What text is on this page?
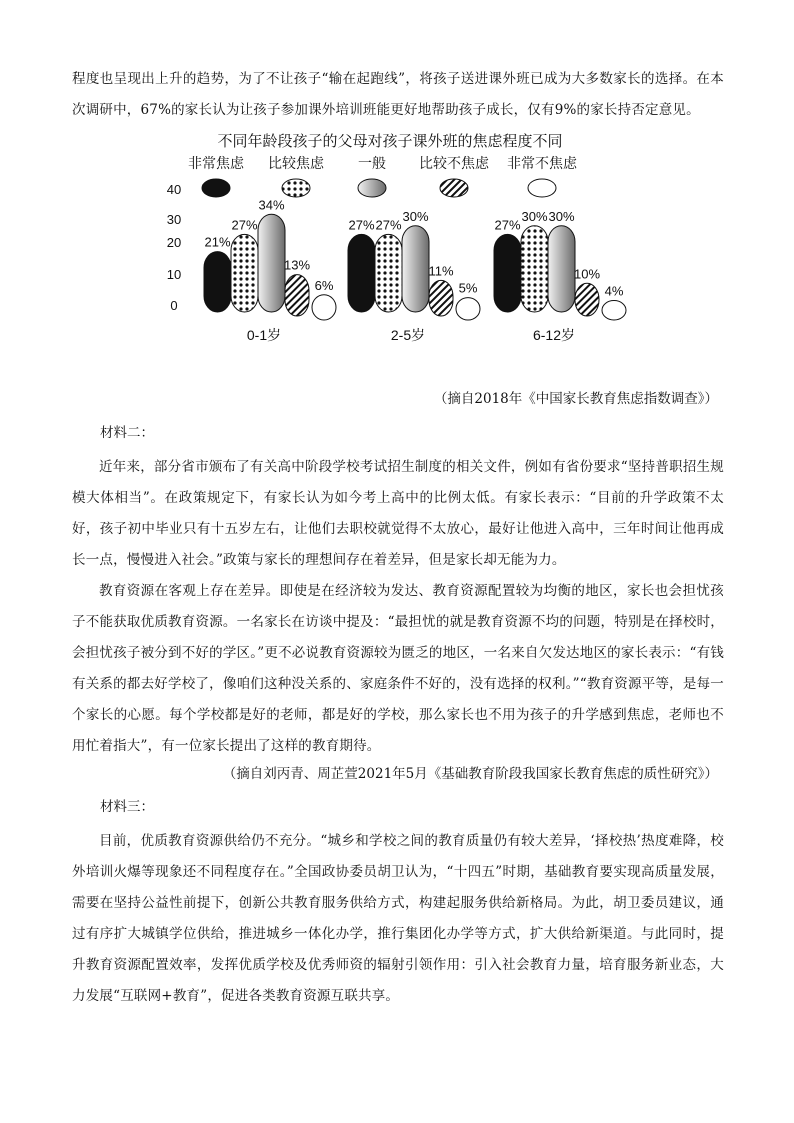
程度也呈现出上升的趋势，为了不让孩子“输在起跑线”，将孩子送进课外班已成为大多数家长的选择。在本次调研中，67%的家长认为让孩子参加课外培训班能更好地帮助孩子成长，仅有9%的家长持否定意见。

不同年龄段孩子的父母对孩子课外班的焦虑程度不同
非常焦虑 比较焦虑 一般 比较不焦虑 非常不焦虑
40
30
20
10
0
21%
27%
34%
13%
6%
27% 27%
30%
11%
5%
27%
30% 30%
10%
4%
0-1岁	2-5岁	6-12岁
（摘自2018年《中国家长教育焦虑指数调查》）
材料二：

近年来，部分省市颁布了有关高中阶段学校考试招生制度的相关文件，例如有省份要求“坚持普职招生规模大体相当”。在政策规定下，有家长认为如今考上高中的比例太低。有家长表示：“目前的升学政策不太好，孩子初中毕业只有十五岁左右，让他们去职校就觉得不太放心，最好让他进入高中，三年时间让他再成长一点，慢慢进入社会。”政策与家长的理想间存在着差异，但是家长却无能为力。

教育资源在客观上存在差异。即使是在经济较为发达、教育资源配置较为均衡的地区，家长也会担忧孩子不能获取优质教育资源。一名家长在访谈中提及：“最担忧的就是教育资源不均的问题，特别是在择校时，会担忧孩子被分到不好的学区。”更不必说教育资源较为匮乏的地区，一名来自欠发达地区的家长表示：“有钱有关系的都去好学校了，像咱们这种没关系的、家庭条件不好的，没有选择的权利。”“教育资源平等，是每一个家长的心愿。每个学校都是好的老师，都是好的学校，那么家长也不用为孩子的升学感到焦虑，老师也不用忙着指大”，有一位家长提出了这样的教育期待。

（摘自刘丙青、周芷萱2021年5月《基础教育阶段我国家长教育焦虑的质性研究》）
材料三：

目前，优质教育资源供给仍不充分。“城乡和学校之间的教育质量仍有较大差异，‘择校热’热度难降，校外培训火爆等现象还不同程度存在。”全国政协委员胡卫认为，“十四五”时期，基础教育要实现高质量发展，需要在坚持公益性前提下，创新公共教育服务供给方式，构建起服务供给新格局。为此，胡卫委员建议，通过有序扩大城镇学位供给，推进城乡一体化办学，推行集团化办学等方式，扩大供给新渠道。与此同时，提升教育资源配置效率，发挥优质学校及优秀师资的辐射引领作用：引入社会教育力量，培育服务新业态，大力发展“互联网+教育”，促进各类教育资源互联共享。
